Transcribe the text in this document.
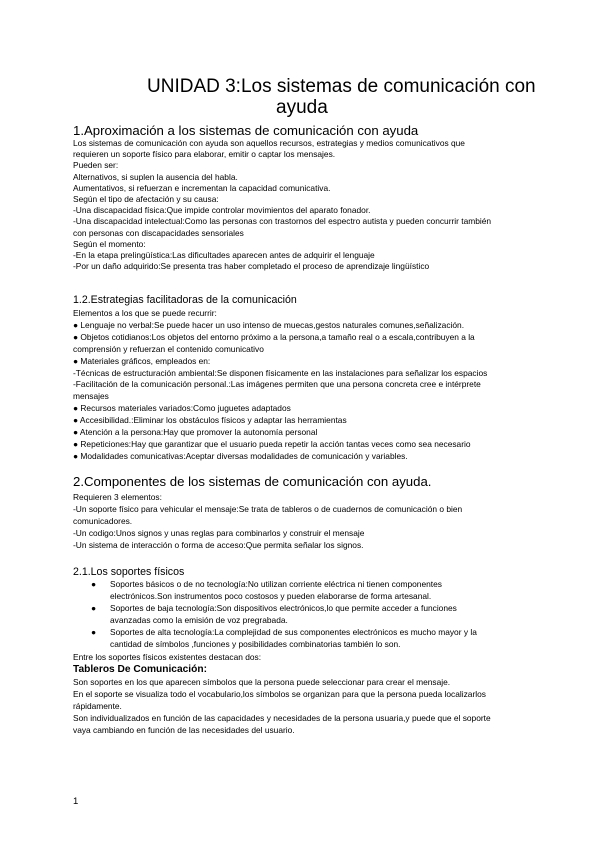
UNIDAD 3:Los sistemas de comunicación con
ayuda
1.Aproximación a los sistemas de comunicación con ayuda
Los sistemas de comunicación con ayuda son aquellos recursos, estrategias y medios comunicativos que
requieren un soporte físico para elaborar, emitir o captar los mensajes.
Pueden ser:
Alternativos, si suplen la ausencia del habla.
Aumentativos, si refuerzan e incrementan la capacidad comunicativa.
Según el tipo de afectación y su causa:
-Una discapacidad física:Que impide controlar movimientos del aparato fonador.
-Una discapacidad intelectual:Como las personas con trastornos del espectro autista y pueden concurrir también
con personas con discapacidades sensoriales
Según el momento:
-En la etapa prelingüística:Las dificultades aparecen antes de adquirir el lenguaje
-Por un daño adquirido:Se presenta tras haber completado el proceso de aprendizaje lingüístico
1.2.Estrategias facilitadoras de la comunicación
Elementos a los que se puede recurrir:
● Lenguaje no verbal:Se puede hacer un uso intenso de muecas,gestos naturales comunes,señalización.
● Objetos cotidianos:Los objetos del entorno próximo a la persona,a tamaño real o a escala,contribuyen a la
comprensión y refuerzan el contenido comunicativo
● Materiales gráficos, empleados en:
-Técnicas de estructuración ambiental:Se disponen físicamente en las instalaciones para señalizar los espacios
-Facilitación de la comunicación personal.:Las imágenes permiten que una persona concreta cree e intérprete
mensajes
● Recursos materiales variados:Como juguetes adaptados
● Accesibilidad.:Eliminar los obstáculos físicos y adaptar las herramientas
● Atención a la persona:Hay que promover la autonomía personal
● Repeticiones:Hay que garantizar que el usuario pueda repetir la acción tantas veces como sea necesario
● Modalidades comunicativas:Aceptar diversas modalidades de comunicación y variables.
2.Componentes de los sistemas de comunicación con ayuda.
Requieren 3 elementos:
-Un soporte físico para vehicular el mensaje:Se trata de tableros o de cuadernos de comunicación o bien
comunicadores.
-Un codigo:Unos signos y unas reglas para combinarlos y construir el mensaje
-Un sistema de interacción o forma de acceso:Que permita señalar los signos.
2.1.Los soportes físicos
● Soportes básicos o de no tecnología:No utilizan corriente eléctrica ni tienen componentes
electrónicos.Son instrumentos poco costosos y pueden elaborarse de forma artesanal.
● Soportes de baja tecnología:Son dispositivos electrónicos,lo que permite acceder a funciones
avanzadas como la emisión de voz pregrabada.
● Soportes de alta tecnología:La complejidad de sus componentes electrónicos es mucho mayor y la
cantidad de símbolos ,funciones y posibilidades combinatorias también lo son.
Entre los soportes físicos existentes destacan dos:
Tableros De Comunicación:
Son soportes en los que aparecen símbolos que la persona puede seleccionar para crear el mensaje.
En el soporte se visualiza todo el vocabulario,los símbolos se organizan para que la persona pueda localizarlos
rápidamente.
Son individualizados en función de las capacidades y necesidades de la persona usuaria,y puede que el soporte
vaya cambiando en función de las necesidades del usuario.
1
